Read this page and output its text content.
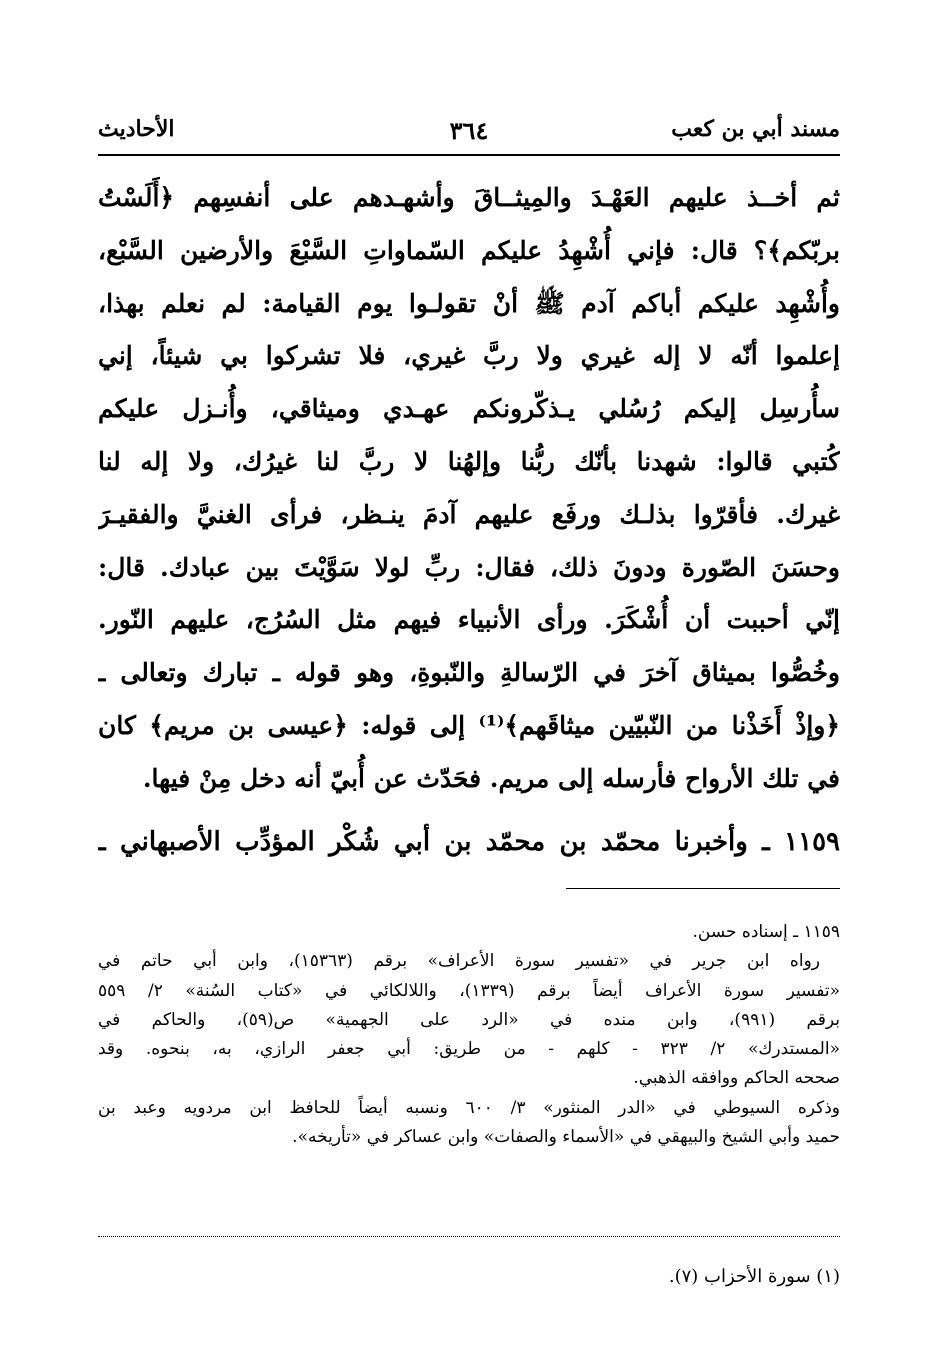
مسند أبي بن كعب
٣٦٤
الأحاديث
ثم أخــذ عليهم العَهْـدَ والمِيثــاقَ وأشهـدهم على أنفسِهم ﴿أَلَسْتُ
بربّكم﴾؟ قال: فإني أُشْهِدُ عليكم السّماواتِ السَّبْعَ والأرضين السَّبْع،
وأُشْهِد عليكم أباكم آدم ﷺ أنْ تقولـوا يوم القيامة: لم نعلم بهذا،
إعلموا أنّه لا إله غيري ولا ربَّ غيري، فلا تشركوا بي شيئاً، إني
سأُرسِل إليكم رُسُلي يـذكّرونكم عهـدي وميثاقي، وأُنـزل عليكم
كُتبي قالوا: شهدنا بأنّك ربُّنا وإلهُنا لا ربَّ لنا غيرُك، ولا إله لنا
غيرك. فأقرّوا بذلـك ورفَع عليهم آدمَ ينـظر، فرأى الغنيَّ والفقيـرَ
وحسَنَ الصّورة ودونَ ذلك، فقال: ربِّ لولا سَوَّيْتَ بين عبادك. قال:
إنّي أحببت أن أُشْكَرَ. ورأى الأنبياء فيهم مثل السُرُج، عليهم النّور.
وخُصُّوا بميثاق آخرَ في الرّسالةِ والنّبوةِ، وهو قوله ـ تبارك وتعالى ـ
﴿وإذْ أَخَذْنا من النّبيّين ميثاقَهم﴾⁽¹⁾ إلى قوله: ﴿عيسى بن مريم﴾ كان
في تلك الأرواح فأرسله إلى مريم. فحَدّث عن أُبيّ أنه دخل مِنْ فيها.
١١٥٩ ـ وأخبرنا محمّد بن محمّد بن أبي شُكْر المؤدِّب الأصبهاني ـ
١١٥٩ ـ إسناده حسن.
رواه ابن جرير في «تفسير سورة الأعراف» برقم (١٥٣٦٣)، وابن أبي حاتم في
«تفسير سورة الأعراف أيضاً برقم (١٣٣٩)، واللالكائي في «كتاب السُنة» ٢/ ٥٥٩
برقم (٩٩١)، وابن منده في «الرد على الجهمية» ص(٥٩)، والحاكم في
«المستدرك» ٢/ ٣٢٣ - كلهم - من طريق: أبي جعفر الرازي، به، بنحوه. وقد
صححه الحاكم ووافقه الذهبي.
وذكره السيوطي في «الدر المنثور» ٣/ ٦٠٠ ونسبه أيضاً للحافظ ابن مردويه وعبد بن
حميد وأبي الشيخ والبيهقي في «الأسماء والصفات» وابن عساكر في «تأريخه».
(١) سورة الأحزاب (٧).
